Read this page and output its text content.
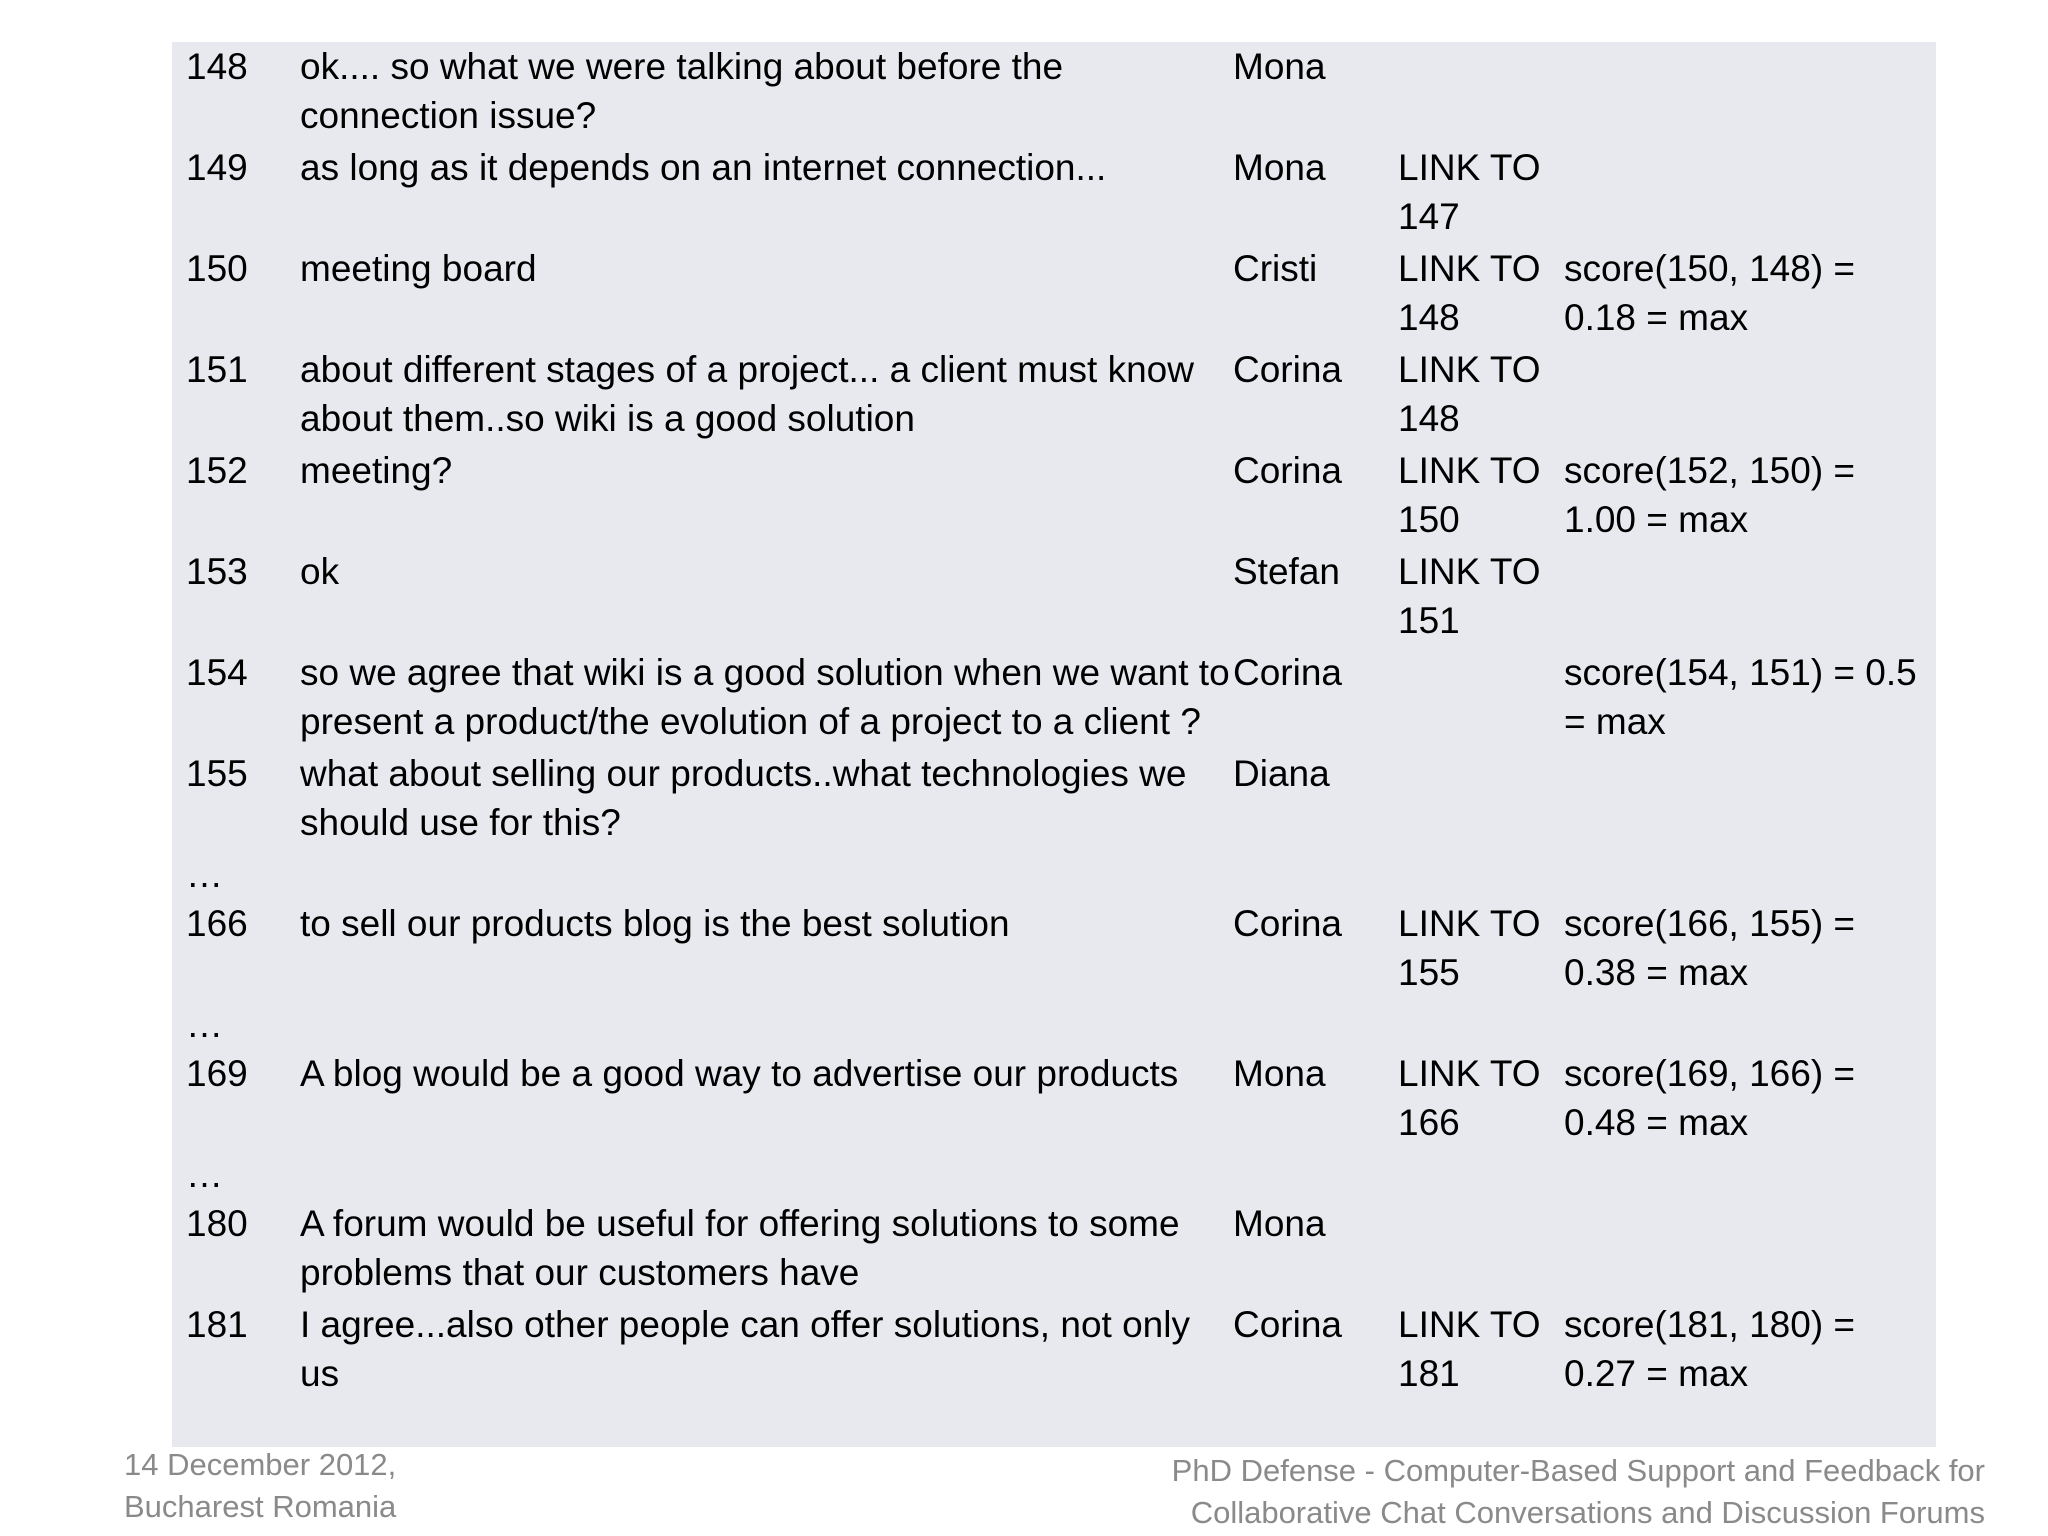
148	ok.... so what we were talking about before the connection issue?	Mona		
149	as long as it depends on an internet connection...	Mona	LINK TO 147	
150	meeting board	Cristi	LINK TO 148	score(150, 148) = 0.18 = max
151	about different stages of a project... a client must know about them..so wiki is a good solution	Corina	LINK TO 148	
152	meeting?	Corina	LINK TO 150	score(152, 150) = 1.00 = max
153	ok	Stefan	LINK TO 151	
154	so we agree that wiki is a good solution when we want to present a product/the evolution of a project to a client ?	Corina		score(154, 151) = 0.5 = max
155	what about selling our products..what technologies we should use for this?	Diana		
…				
166	to sell our products blog is the best solution	Corina	LINK TO 155	score(166, 155) = 0.38 = max
…				
169	A blog would be a good way to advertise our products	Mona	LINK TO 166	score(169, 166) = 0.48 = max
…				
180	A forum would be useful for offering solutions to some problems that our customers have	Mona		
181	I agree...also other people can offer solutions, not only us	Corina	LINK TO 181	score(181, 180) = 0.27 = max
14 December 2012,
Bucharest Romania
PhD Defense - Computer-Based Support and Feedback for
Collaborative Chat Conversations and Discussion Forums
